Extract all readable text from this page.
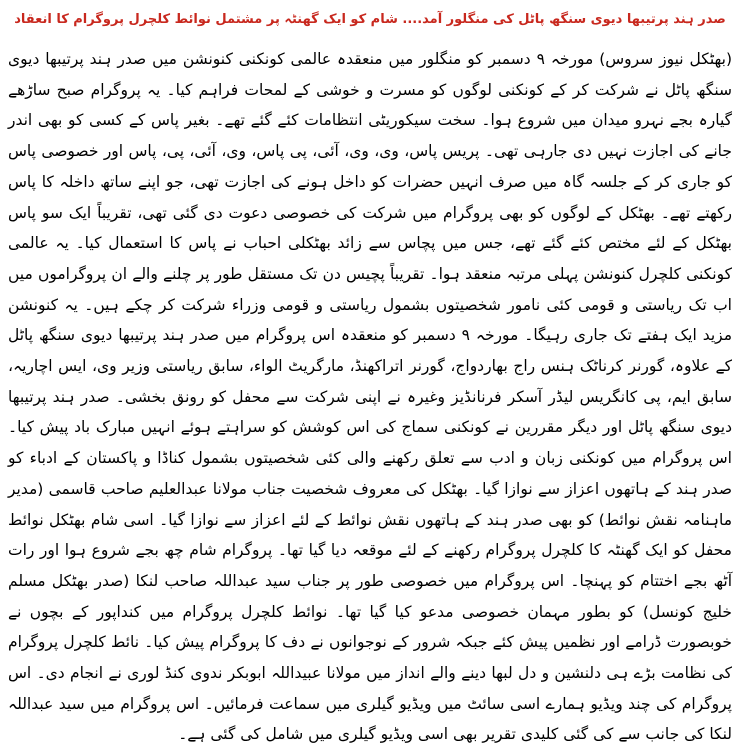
صدر ہند پرتیبھا دیوی سنگھ پاٹل کی منگلور آمد.... شام کو ایک گھنٹہ پر مشتمل نوائط کلچرل پروگرام کا انعقاد

(بھٹکل نیوز سروس) مورخہ ۹ دسمبر کو منگلور میں منعقدہ عالمی کونکنی کنونشن میں صدر ہند پرتیبھا دیوی سنگھ پاٹل نے شرکت کر کے کونکنی لوگوں کو مسرت و خوشی کے لمحات فراہم کیا۔ یہ پروگرام صبح ساڑھے گیارہ بجے نہرو میدان میں شروع ہوا۔ سخت سیکوریٹی انتظامات کئے گئے تھے۔ بغیر پاس کے کسی کو بھی اندر جانے کی اجازت نہیں دی جارہی تھی۔ پریس پاس، وی، وی، آئی، پی پاس، وی، آئی، پی، پاس اور خصوصی پاس کو جاری کر کے جلسہ گاہ میں صرف انہیں حضرات کو داخل ہونے کی اجازت تھی، جو اپنے ساتھ داخلہ کا پاس رکھتے تھے۔ بھٹکل کے لوگوں کو بھی پروگرام میں شرکت کی خصوصی دعوت دی گئی تھی، تقریباً ایک سو پاس بھٹکل کے لئے مختص کئے گئے تھے، جس میں پچاس سے زائد بھٹکلی احباب نے پاس کا استعمال کیا۔ یہ عالمی کونکنی کلچرل کنونشن پہلی مرتبہ منعقد ہوا۔ تقریباً پچیس دن تک مستقل طور پر چلنے والے ان پروگراموں میں اب تک ریاستی و قومی کئی نامور شخصیتوں بشمول ریاستی و قومی وزراء شرکت کر چکے ہیں۔ یہ کنونشن مزید ایک ہفتے تک جاری رہیگا۔ مورخہ ۹ دسمبر کو منعقدہ اس پروگرام میں صدر ہند پرتیبھا دیوی سنگھ پاٹل کے علاوہ، گورنر کرناٹک ہنس راج بھاردواج، گورنر اتراکھنڈ، مارگریٹ الواء، سابق ریاستی وزیر وی، ایس اچاریہ، سابق ایم، پی کانگریس لیڈر آسکر فرنانڈیز وغیرہ نے اپنی شرکت سے محفل کو رونق بخشی۔ صدر ہند پرتیبھا دیوی سنگھ پاٹل اور دیگر مقررین نے کونکنی سماج کی اس کوشش کو سراہتے ہوئے انہیں مبارک باد پیش کیا۔ اس پروگرام میں کونکنی زبان و ادب سے تعلق رکھنے والی کئی شخصیتوں بشمول کناڈا و پاکستان کے ادباء کو صدر ہند کے ہاتھوں اعزاز سے نوازا گیا۔ بھٹکل کی معروف شخصیت جناب مولانا عبدالعلیم صاحب قاسمی (مدیر ماہنامہ نقش نوائط) کو بھی صدر ہند کے ہاتھوں نقش نوائط کے لئے اعزاز سے نوازا گیا۔ اسی شام بھٹکل نوائط محفل کو ایک گھنٹہ کا کلچرل پروگرام رکھنے کے لئے موقعہ دیا گیا تھا۔ پروگرام شام چھ بجے شروع ہوا اور رات آٹھ بجے اختتام کو پہنچا۔ اس پروگرام میں خصوصی طور پر جناب سید عبداللہ صاحب لنکا (صدر بھٹکل مسلم خلیج کونسل) کو بطور مہمان خصوصی مدعو کیا گیا تھا۔ نوائط کلچرل پروگرام میں کنداپور کے بچوں نے خوبصورت ڈرامے اور نظمیں پیش کئے جبکہ شرور کے نوجوانوں نے دف کا پروگرام پیش کیا۔ نائط کلچرل پروگرام کی نظامت بڑے ہی دلنشین و دل لبھا دینے والے انداز میں مولانا عبیداللہ ابوبکر ندوی کنڈ لوری نے انجام دی۔ اس پروگرام کی چند ویڈیو ہمارے اسی سائٹ میں ویڈیو گیلری میں سماعت فرمائیں۔ اس پروگرام میں سید عبداللہ لنکا کی جانب سے کی گئی کلیدی تقریر بھی اسی ویڈیو گیلری میں شامل کی گئی ہے۔
